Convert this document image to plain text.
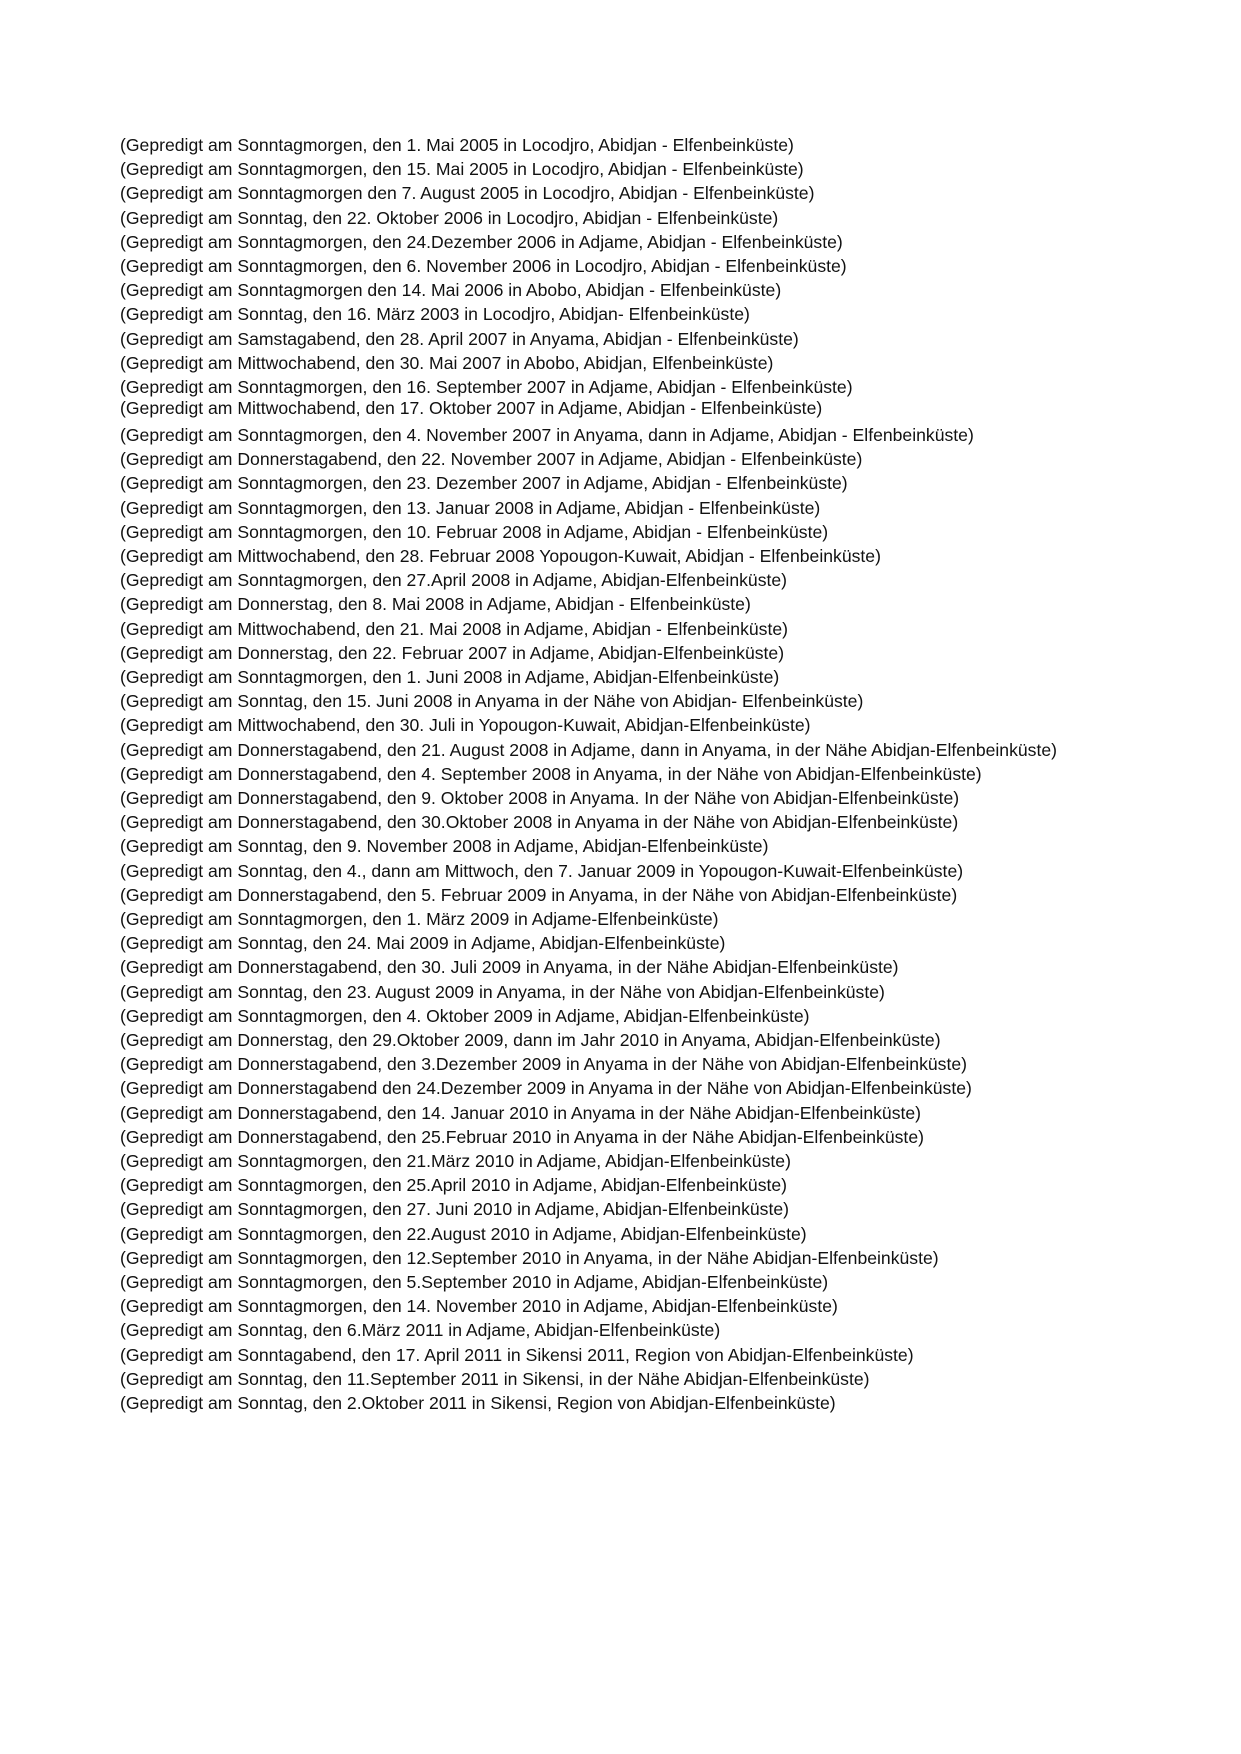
(Gepredigt am Sonntagmorgen, den 1. Mai 2005 in Locodjro, Abidjan - Elfenbeinküste)
(Gepredigt am Sonntagmorgen, den 15. Mai 2005 in Locodjro, Abidjan - Elfenbeinküste)
(Gepredigt am Sonntagmorgen den 7. August 2005 in Locodjro, Abidjan - Elfenbeinküste)
(Gepredigt am Sonntag, den 22. Oktober 2006 in Locodjro, Abidjan - Elfenbeinküste)
(Gepredigt am Sonntagmorgen, den 24.Dezember 2006 in Adjame, Abidjan - Elfenbeinküste)
(Gepredigt am Sonntagmorgen, den 6. November 2006 in Locodjro, Abidjan - Elfenbeinküste)
(Gepredigt am Sonntagmorgen den 14. Mai 2006 in Abobo, Abidjan - Elfenbeinküste)
(Gepredigt am Sonntag, den 16. März 2003 in Locodjro, Abidjan- Elfenbeinküste)
(Gepredigt am Samstagabend, den 28. April 2007 in Anyama, Abidjan - Elfenbeinküste)
(Gepredigt am Mittwochabend, den 30. Mai 2007 in Abobo, Abidjan, Elfenbeinküste)
(Gepredigt am Sonntagmorgen, den 16. September 2007 in Adjame, Abidjan - Elfenbeinküste)
(Gepredigt am Mittwochabend, den 17. Oktober 2007 in Adjame, Abidjan - Elfenbeinküste)
(Gepredigt am Sonntagmorgen, den 4. November 2007 in Anyama, dann in Adjame, Abidjan - Elfenbeinküste)
(Gepredigt am Donnerstagabend, den 22. November 2007 in Adjame, Abidjan - Elfenbeinküste)
(Gepredigt am Sonntagmorgen, den 23. Dezember 2007 in Adjame, Abidjan - Elfenbeinküste)
(Gepredigt am Sonntagmorgen, den 13. Januar 2008 in Adjame, Abidjan - Elfenbeinküste)
(Gepredigt am Sonntagmorgen, den 10. Februar 2008 in Adjame, Abidjan - Elfenbeinküste)
(Gepredigt am Mittwochabend, den 28. Februar 2008 Yopougon-Kuwait, Abidjan - Elfenbeinküste)
(Gepredigt am Sonntagmorgen, den 27.April 2008 in Adjame, Abidjan-Elfenbeinküste)
(Gepredigt am Donnerstag, den 8. Mai 2008 in Adjame, Abidjan - Elfenbeinküste)
(Gepredigt am Mittwochabend, den 21. Mai 2008 in Adjame, Abidjan - Elfenbeinküste)
(Gepredigt am Donnerstag, den 22. Februar 2007 in Adjame, Abidjan-Elfenbeinküste)
(Gepredigt am Sonntagmorgen, den 1. Juni 2008 in Adjame, Abidjan-Elfenbeinküste)
(Gepredigt am Sonntag, den 15. Juni 2008 in Anyama in der Nähe von Abidjan- Elfenbeinküste)
(Gepredigt am Mittwochabend, den 30. Juli in Yopougon-Kuwait, Abidjan-Elfenbeinküste)
(Gepredigt am Donnerstagabend, den 21. August 2008 in Adjame, dann in Anyama, in der Nähe Abidjan-Elfenbeinküste)
(Gepredigt am Donnerstagabend, den 4. September 2008 in Anyama, in der Nähe von Abidjan-Elfenbeinküste)
(Gepredigt am Donnerstagabend, den 9. Oktober 2008 in Anyama. In der Nähe von Abidjan-Elfenbeinküste)
(Gepredigt am Donnerstagabend, den 30.Oktober 2008 in Anyama in der Nähe von Abidjan-Elfenbeinküste)
(Gepredigt am Sonntag, den 9. November 2008 in Adjame, Abidjan-Elfenbeinküste)
(Gepredigt am Sonntag, den 4., dann am Mittwoch, den 7. Januar 2009 in Yopougon-Kuwait-Elfenbeinküste)
(Gepredigt am Donnerstagabend, den 5. Februar 2009 in Anyama, in der Nähe von Abidjan-Elfenbeinküste)
(Gepredigt am Sonntagmorgen, den 1. März 2009 in Adjame-Elfenbeinküste)
(Gepredigt am Sonntag, den 24. Mai 2009 in Adjame, Abidjan-Elfenbeinküste)
(Gepredigt am Donnerstagabend, den 30. Juli 2009 in Anyama, in der Nähe Abidjan-Elfenbeinküste)
(Gepredigt am Sonntag, den 23. August 2009 in Anyama, in der Nähe von Abidjan-Elfenbeinküste)
(Gepredigt am Sonntagmorgen, den 4. Oktober 2009 in Adjame, Abidjan-Elfenbeinküste)
(Gepredigt am Donnerstag, den 29.Oktober 2009, dann im Jahr 2010 in Anyama, Abidjan-Elfenbeinküste)
(Gepredigt am Donnerstagabend, den 3.Dezember 2009 in Anyama in der Nähe von Abidjan-Elfenbeinküste)
(Gepredigt am Donnerstagabend den 24.Dezember 2009 in Anyama in der Nähe von Abidjan-Elfenbeinküste)
(Gepredigt am Donnerstagabend, den 14. Januar 2010 in Anyama in der Nähe Abidjan-Elfenbeinküste)
(Gepredigt am Donnerstagabend, den 25.Februar 2010 in Anyama in der Nähe Abidjan-Elfenbeinküste)
(Gepredigt am Sonntagmorgen, den 21.März 2010 in Adjame, Abidjan-Elfenbeinküste)
(Gepredigt am Sonntagmorgen, den 25.April 2010 in Adjame, Abidjan-Elfenbeinküste)
(Gepredigt am Sonntagmorgen, den 27. Juni 2010 in Adjame, Abidjan-Elfenbeinküste)
(Gepredigt am Sonntagmorgen, den 22.August 2010 in Adjame, Abidjan-Elfenbeinküste)
(Gepredigt am Sonntagmorgen, den 12.September 2010 in Anyama, in der Nähe Abidjan-Elfenbeinküste)
(Gepredigt am Sonntagmorgen, den 5.September 2010 in Adjame, Abidjan-Elfenbeinküste)
(Gepredigt am Sonntagmorgen, den 14. November 2010 in Adjame, Abidjan-Elfenbeinküste)
(Gepredigt am Sonntag, den 6.März 2011 in Adjame, Abidjan-Elfenbeinküste)
(Gepredigt am Sonntagabend, den 17. April 2011 in Sikensi 2011, Region von Abidjan-Elfenbeinküste)
(Gepredigt am Sonntag, den 11.September 2011 in Sikensi, in der Nähe Abidjan-Elfenbeinküste)
(Gepredigt am Sonntag, den 2.Oktober 2011 in Sikensi, Region von Abidjan-Elfenbeinküste)
